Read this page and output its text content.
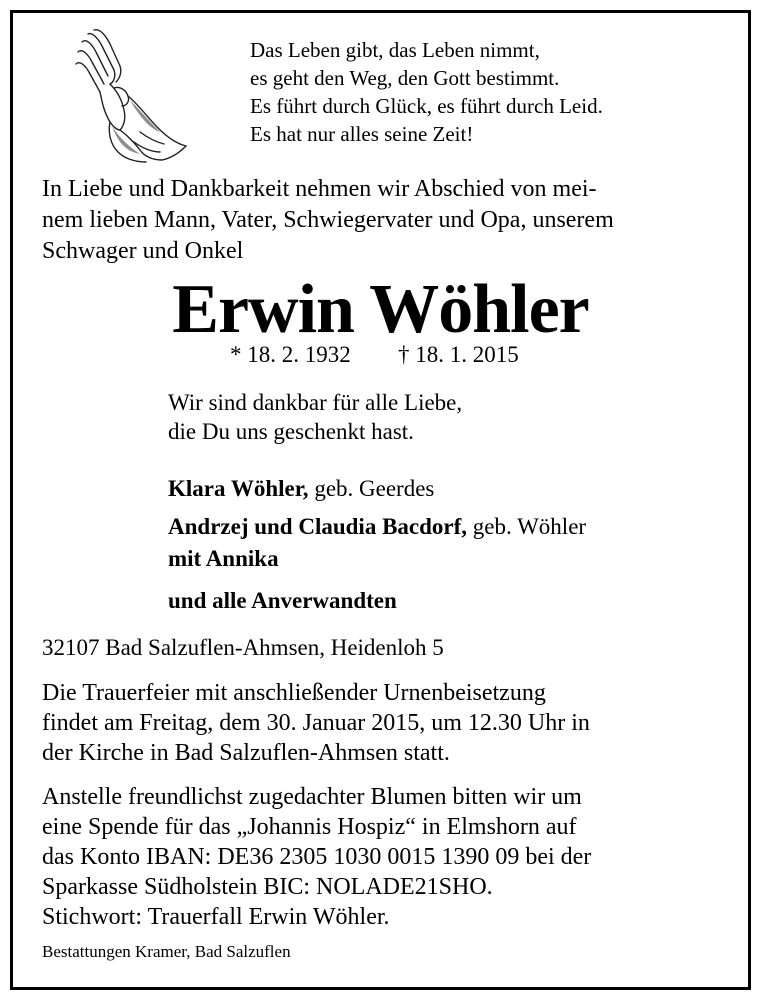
Das Leben gibt, das Leben nimmt,
es geht den Weg, den Gott bestimmt.
Es führt durch Glück, es führt durch Leid.
Es hat nur alles seine Zeit!
In Liebe und Dankbarkeit nehmen wir Abschied von mei-
nem lieben Mann, Vater, Schwiegervater und Opa, unserem
Schwager und Onkel
Erwin Wöhler
* 18. 2. 1932 † 18. 1. 2015
Wir sind dankbar für alle Liebe,
die Du uns geschenkt hast.
Klara Wöhler, geb. Geerdes
Andrzej und Claudia Bacdorf, geb. Wöhler
mit Annika
und alle Anverwandten
32107 Bad Salzuflen-Ahmsen, Heidenloh 5
Die Trauerfeier mit anschließender Urnenbeisetzung
findet am Freitag, dem 30. Januar 2015, um 12.30 Uhr in
der Kirche in Bad Salzuflen-Ahmsen statt.
Anstelle freundlichst zugedachter Blumen bitten wir um
eine Spende für das „Johannis Hospiz“ in Elmshorn auf
das Konto IBAN: DE36 2305 1030 0015 1390 09 bei der
Sparkasse Südholstein BIC: NOLADE21SHO.
Stichwort: Trauerfall Erwin Wöhler.
Bestattungen Kramer, Bad Salzuflen
